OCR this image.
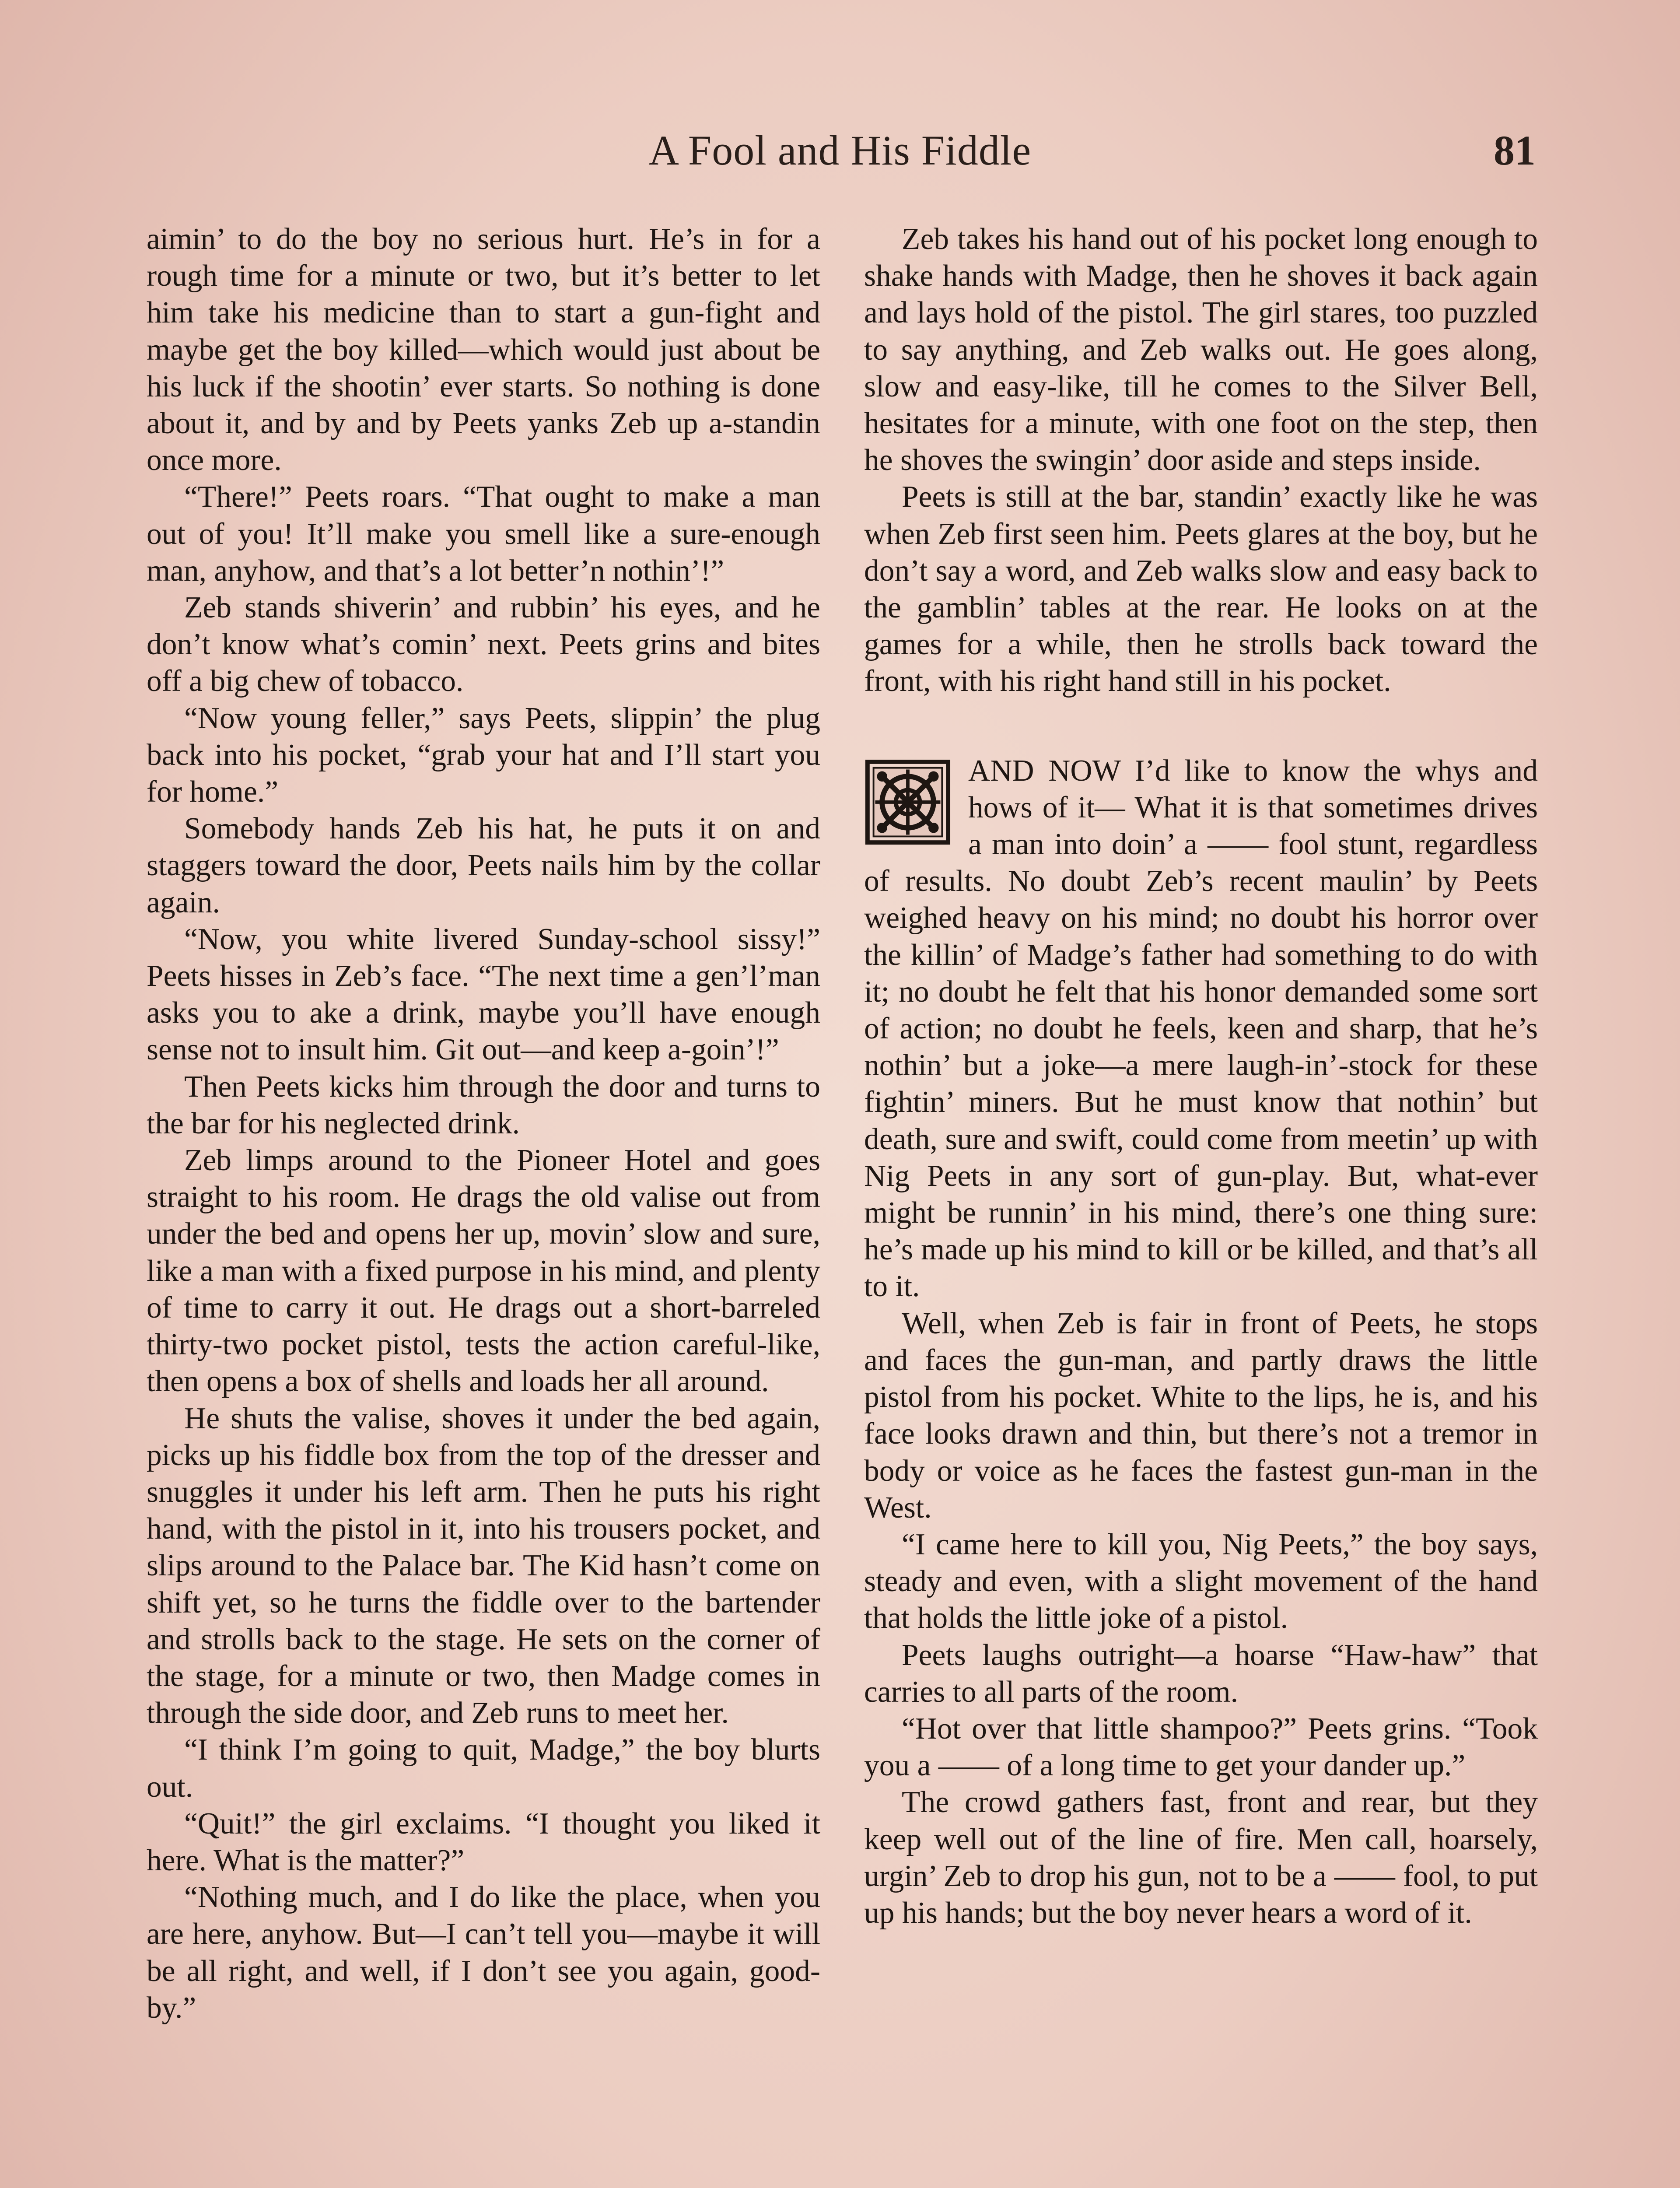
A Fool and His Fiddle	81

aimin’ to do the boy no serious hurt. He’s in for a rough time for a minute or two, but it’s better to let him take his medicine than to start a gun-fight and maybe get the boy killed—which would just about be his luck if the shootin’ ever starts. So nothing is done about it, and by and by Peets yanks Zeb up a-standin once more.

“There!” Peets roars. “That ought to make a man out of you! It’ll make you smell like a sure-enough man, anyhow, and that’s a lot better’n nothin’!”

Zeb stands shiverin’ and rubbin’ his eyes, and he don’t know what’s comin’ next. Peets grins and bites off a big chew of tobacco.

“Now young feller,” says Peets, slippin’ the plug back into his pocket, “grab your hat and I’ll start you for home.”

Somebody hands Zeb his hat, he puts it on and staggers toward the door, Peets nails him by the collar again.

“Now, you white livered Sunday-school sissy!” Peets hisses in Zeb’s face. “The next time a gen’l’man asks you to ake a drink, maybe you’ll have enough sense not to insult him. Git out—and keep a-goin’!”

Then Peets kicks him through the door and turns to the bar for his neglected drink.

Zeb limps around to the Pioneer Hotel and goes straight to his room. He drags the old valise out from under the bed and opens her up, movin’ slow and sure, like a man with a fixed purpose in his mind, and plenty of time to carry it out. He drags out a short-barreled thirty-two pocket pistol, tests the action careful-like, then opens a box of shells and loads her all around.

He shuts the valise, shoves it under the bed again, picks up his fiddle box from the top of the dresser and snuggles it under his left arm. Then he puts his right hand, with the pistol in it, into his trousers pocket, and slips around to the Palace bar. The Kid hasn’t come on shift yet, so he turns the fiddle over to the bartender and strolls back to the stage. He sets on the corner of the stage, for a minute or two, then Madge comes in through the side door, and Zeb runs to meet her.

“I think I’m going to quit, Madge,” the boy blurts out.

“Quit!” the girl exclaims. “I thought you liked it here. What is the matter?”

“Nothing much, and I do like the place, when you are here, anyhow. But—I can’t tell you—maybe it will be all right, and well, if I don’t see you again, good-by.”

Zeb takes his hand out of his pocket long enough to shake hands with Madge, then he shoves it back again and lays hold of the pistol. The girl stares, too puzzled to say anything, and Zeb walks out. He goes along, slow and easy-like, till he comes to the Silver Bell, hesitates for a minute, with one foot on the step, then he shoves the swingin’ door aside and steps inside.

Peets is still at the bar, standin’ exactly like he was when Zeb first seen him. Peets glares at the boy, but he don’t say a word, and Zeb walks slow and easy back to the gamblin’ tables at the rear. He looks on at the games for a while, then he strolls back toward the front, with his right hand still in his pocket.

AND NOW I’d like to know the whys and hows of it— What it is that sometimes drives a man into doin’ a —— fool stunt, regardless of results. No doubt Zeb’s recent maulin’ by Peets weighed heavy on his mind; no doubt his horror over the killin’ of Madge’s father had something to do with it; no doubt he felt that his honor demanded some sort of action; no doubt he feels, keen and sharp, that he’s nothin’ but a joke—a mere laugh-in’-stock for these fightin’ miners. But he must know that nothin’ but death, sure and swift, could come from meetin’ up with Nig Peets in any sort of gun-play. But, what-ever might be runnin’ in his mind, there’s one thing sure: he’s made up his mind to kill or be killed, and that’s all to it.

Well, when Zeb is fair in front of Peets, he stops and faces the gun-man, and partly draws the little pistol from his pocket. White to the lips, he is, and his face looks drawn and thin, but there’s not a tremor in body or voice as he faces the fastest gun-man in the West.

“I came here to kill you, Nig Peets,” the boy says, steady and even, with a slight movement of the hand that holds the little joke of a pistol.

Peets laughs outright—a hoarse “Haw-haw” that carries to all parts of the room.

“Hot over that little shampoo?” Peets grins. “Took you a —— of a long time to get your dander up.”

The crowd gathers fast, front and rear, but they keep well out of the line of fire. Men call, hoarsely, urgin’ Zeb to drop his gun, not to be a —— fool, to put up his hands; but the boy never hears a word of it.
